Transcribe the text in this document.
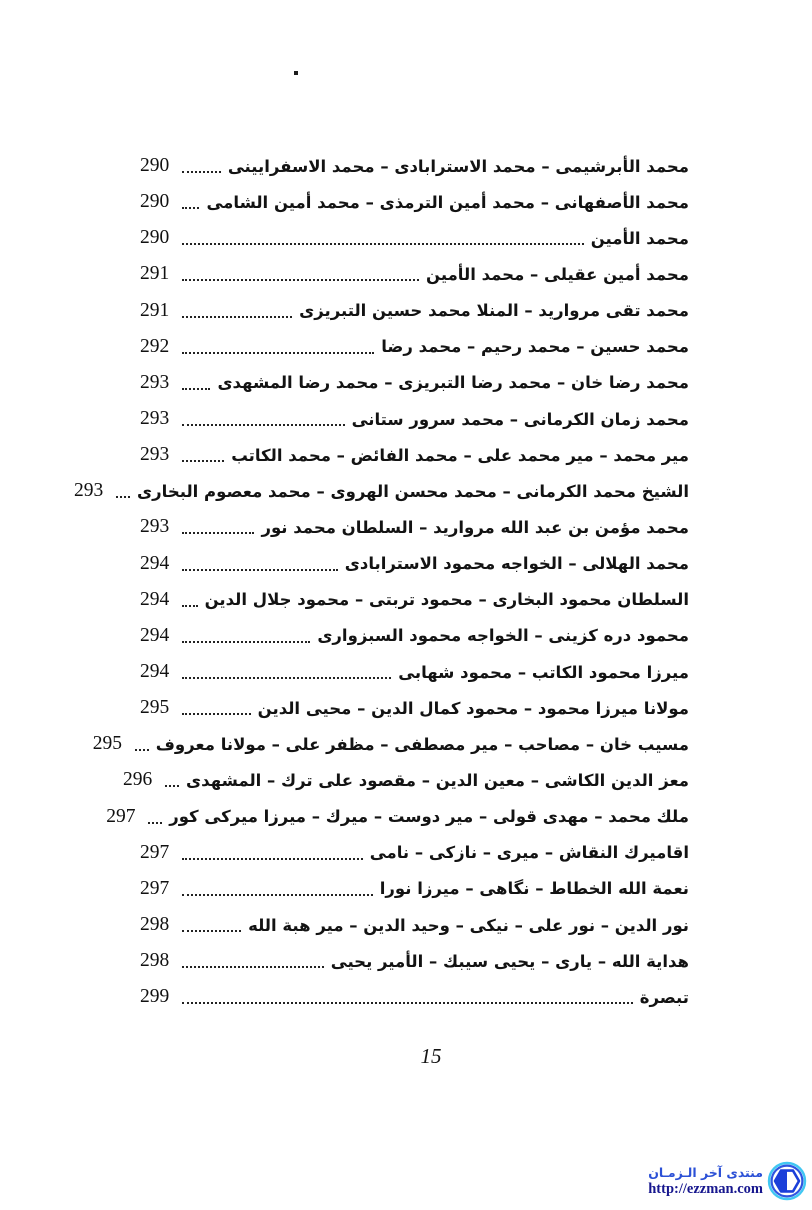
محمد الأبرشيمى – محمد الاسترابادى – محمد الاسفرايينى
290
محمد الأصفهانى – محمد أمين الترمذى – محمد أمين الشامى
290
محمد الأمين
290
محمد أمين عقيلى – محمد الأمين
291
محمد تقى مرواريد – المنلا محمد حسين التبريزى
291
محمد حسين – محمد رحيم – محمد رضا
292
محمد رضا خان – محمد رضا التبريزى – محمد رضا المشهدى
293
محمد زمان الكرمانى – محمد سرور ستانى
293
مير محمد – مير محمد على – محمد الفائض – محمد الكاتب
293
الشيخ محمد الكرمانى – محمد محسن الهروى – محمد معصوم البخارى
293
محمد مؤمن بن عبد الله مرواريد – السلطان محمد نور
293
محمد الهلالى – الخواجه محمود الاسترابادى
294
السلطان محمود البخارى – محمود تربتى – محمود جلال الدين
294
محمود دره كزينى – الخواجه محمود السبزوارى
294
ميرزا محمود الكاتب – محمود شهابى
294
مولانا ميرزا محمود – محمود كمال الدين – محيى الدين
295
مسيب خان – مصاحب – مير مصطفى – مظفر على – مولانا معروف
295
معز الدين الكاشى – معين الدين – مقصود على ترك – المشهدى
296
ملك محمد – مهدى قولى – مير دوست – ميرك – ميرزا ميركى كور
297
اقاميرك النقاش – ميرى – نازكى – نامى
297
نعمة الله الخطاط – نگاهى – ميرزا نورا
297
نور الدين – نور على – نيكى – وحيد الدين – مير هبة الله
298
هداية الله – يارى – يحيى سيبك – الأمير يحيى
298
تبصرة
299
15
منتدى آخر الـزمـان
http://ezzman.com
